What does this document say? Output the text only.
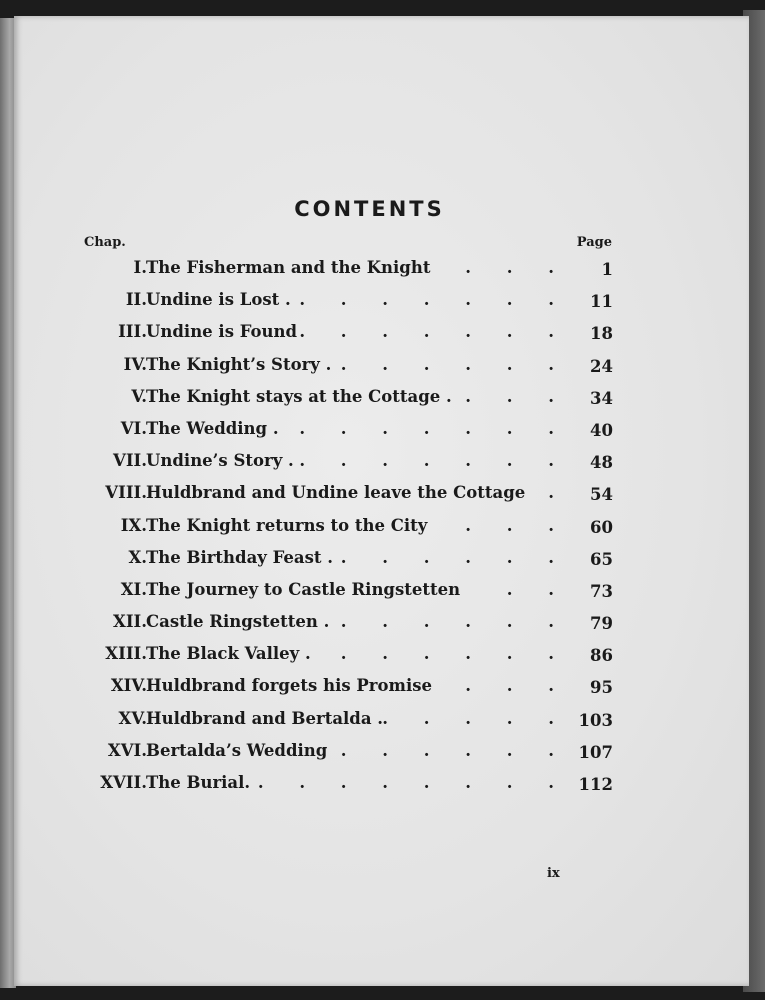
CONTENTS
Chap.	Page
I. The Fisherman and the Knight . . . 1
II. Undine is Lost . . . . . . . . 11
III. Undine is Found . . . . . . . 18
IV. The Knight’s Story . . . . . . . 24
V. The Knight stays at the Cottage . . . . 34
VI. The Wedding . . . . . . . . 40
VII. Undine’s Story . . . . . . . . 48
VIII. Huldbrand and Undine leave the Cottage . 54
IX. The Knight returns to the City . . . 60
X. The Birthday Feast . . . . . . . 65
XI. The Journey to Castle Ringstetten	. . 73
XII. Castle Ringstetten . . . . . . . 79
XIII. The Black Valley . . . . . . . 86
XIV. Huldbrand forgets his Promise . . . 95
XV. Huldbrand and Bertalda . . . . . . 103
XVI. Bertalda’s Wedding . . . . . . 107
XVII. The Burial. . . . . . . . . 112
ix
